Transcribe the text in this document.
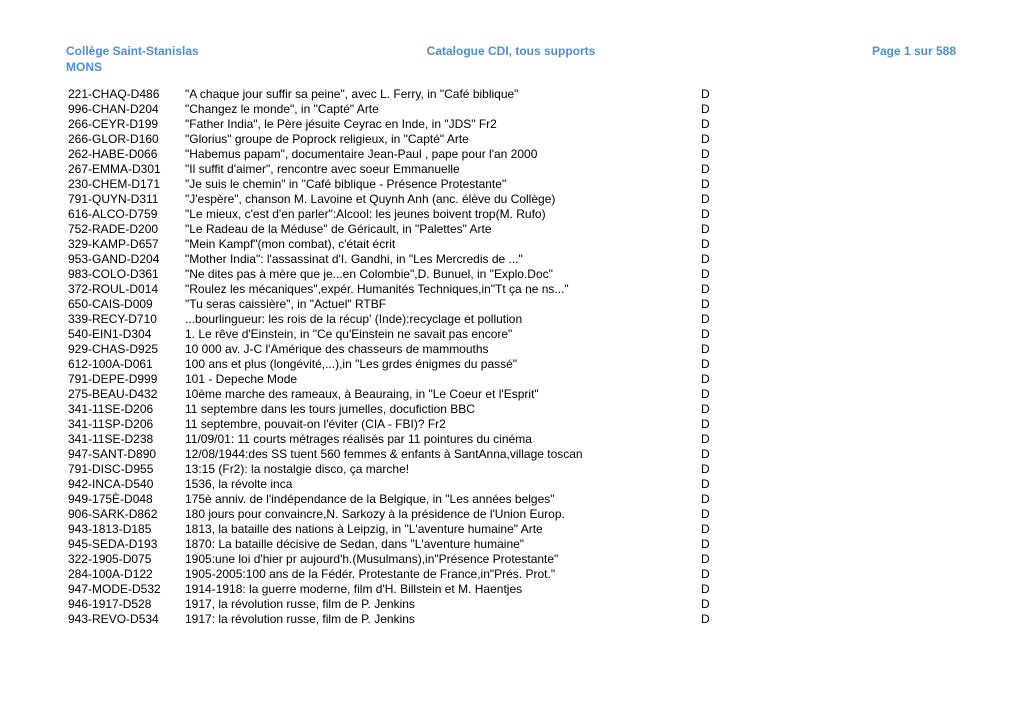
Collège Saint-Stanislas
MONS
Catalogue CDI, tous supports	Page 1 sur 588
221-CHAQ-D486 "A chaque jour suffir sa peine", avec L. Ferry, in "Café biblique"	D
996-CHAN-D204 "Changez le monde", in "Capté" Arte	D
266-CEYR-D199 "Father India", le Père jésuite Ceyrac en Inde, in "JDS" Fr2	D
266-GLOR-D160 "Glorius" groupe de Poprock religieux, in "Capté" Arte	D
262-HABE-D066 "Habemus papam", documentaire Jean-Paul , pape pour l'an 2000	D
267-EMMA-D301 "Il suffit d'aimer", rencontre avec soeur Emmanuelle	D
230-CHEM-D171 "Je suis le chemin" in "Café biblique - Présence Protestante"	D
791-QUYN-D311 "J'espère", chanson M. Lavoine et Quynh Anh (anc. élève du Collège)	D
616-ALCO-D759 "Le mieux, c'est d'en parler":Alcool: les jeunes boivent trop(M. Rufo)	D
752-RADE-D200 "Le Radeau de la Méduse" de Géricault, in "Palettes" Arte	D
329-KAMP-D657 "Mein Kampf"(mon combat), c'était écrit	D
953-GAND-D204 "Mother India": l'assassinat d'I. Gandhi, in "Les Mercredis de ..."	D
983-COLO-D361 "Ne dites pas à mère que je...en Colombie",D. Bunuel, in "Explo.Doc"	D
372-ROUL-D014 "Roulez les mécaniques",expér. Humanités Techniques,in"Tt ça ne ns..."	D
650-CAIS-D009	"Tu seras caissière", in "Actuel" RTBF	D
339-RECY-D710 ...bourlingueur: les rois de la récup' (Inde):recyclage et pollution	D
540-EIN1-D304	1. Le rêve d'Einstein, in "Ce qu'Einstein ne savait pas encore"	D
929-CHAS-D925 10 000 av. J-C l'Amérique des chasseurs de mammouths	D
612-100A-D061	100 ans et plus (longévité,...),in "Les grdes énigmes du passé"	D
791-DEPE-D999 101 - Depeche Mode	D
275-BEAU-D432 10ème marche des rameaux, à Beauraing, in "Le Coeur et l'Esprit"	D
341-11SE-D206	11 septembre dans les tours jumelles, docufiction BBC	D
341-11SP-D206	11 septembre, pouvait-on l'éviter (CIA - FBI)? Fr2	D
341-11SE-D238	11/09/01: 11 courts métrages réalisés par 11 pointures du cinéma	D
947-SANT-D890 12/08/1944:des SS tuent 560 femmes & enfants à SantAnna,village toscan	D
791-DISC-D955	13:15 (Fr2): la nostalgie disco, ça marche!	D
942-INCA-D540	1536, la révolte inca	D
949-175È-D048	175è anniv. de l'indépendance de la Belgique, in "Les années belges"	D
906-SARK-D862 180 jours pour convaincre,N. Sarkozy à la présidence de l'Union Europ.	D
943-1813-D185	1813, la bataille des nations à Leipzig, in "L'aventure humaine" Arte	D
945-SEDA-D193 1870: La bataille décisive de Sedan, dans "L'aventure humaine"	D
322-1905-D075	1905:une loi d'hier pr aujourd'h.(Musulmans),in"Présence Protestante"	D
284-100A-D122	1905-2005:100 ans de la Fédér. Protestante de France,in"Prés. Prot."	D
947-MODE-D532 1914-1918: la guerre moderne, film d'H. Billstein et M. Haentjes	D
946-1917-D528	1917, la révolution russe, film de P. Jenkins	D
943-REVO-D534 1917: la révolution russe, film de P. Jenkins	D
